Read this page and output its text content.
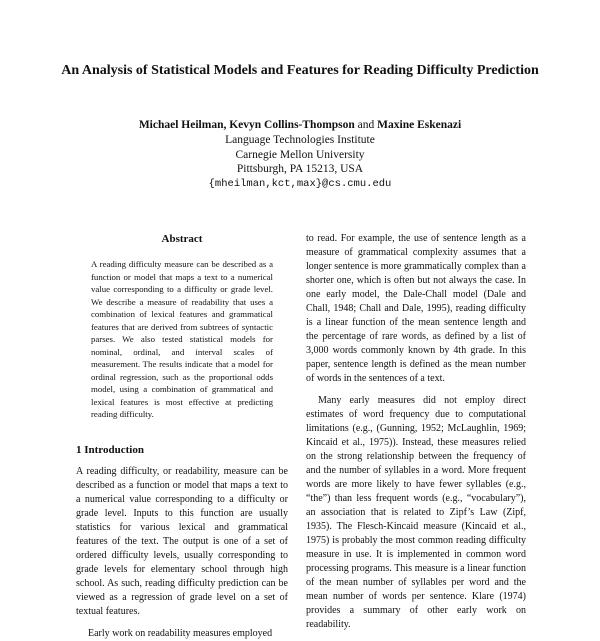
An Analysis of Statistical Models and Features for Reading Difficulty Prediction
Michael Heilman, Kevyn Collins-Thompson and Maxine Eskenazi
Language Technologies Institute
Carnegie Mellon University
Pittsburgh, PA 15213, USA
{mheilman,kct,max}@cs.cmu.edu
Abstract

A reading difficulty measure can be described as a function or model that maps a text to a numerical value corresponding to a difficulty or grade level. We describe a measure of readability that uses a combination of lexical features and grammatical features that are derived from subtrees of syntactic parses. We also tested statistical models for nominal, ordinal, and interval scales of measurement. The results indicate that a model for ordinal regression, such as the proportional odds model, using a combination of grammatical and lexical features is most effective at predicting reading difficulty.

1 Introduction

A reading difficulty, or readability, measure can be described as a function or model that maps a text to a numerical value corresponding to a difficulty or grade level. Inputs to this function are usually statistics for various lexical and grammatical features of the text. The output is one of a set of ordered difficulty levels, usually corresponding to grade levels for elementary school through high school. As such, reading difficulty prediction can be viewed as a regression of grade level on a set of textual features.

Early work on readability measures employed

to read. For example, the use of sentence length as a measure of grammatical complexity assumes that a longer sentence is more grammatically complex than a shorter one, which is often but not always the case. In one early model, the Dale-Chall model (Dale and Chall, 1948; Chall and Dale, 1995), reading difficulty is a linear function of the mean sentence length and the percentage of rare words, as defined by a list of 3,000 words commonly known by 4th grade. In this paper, sentence length is defined as the mean number of words in the sentences of a text.

Many early measures did not employ direct estimates of word frequency due to computational limitations (e.g., (Gunning, 1952; McLaughlin, 1969; Kincaid et al., 1975)). Instead, these measures relied on the strong relationship between the frequency of and the number of syllables in a word. More frequent words are more likely to have fewer syllables (e.g., “the”) than less frequent words (e.g., “vocabulary”), an association that is related to Zipf’s Law (Zipf, 1935). The Flesch-Kincaid measure (Kincaid et al., 1975) is probably the most common reading difficulty measure in use. It is implemented in common word processing programs. This measure is a linear function of the mean number of syllables per word and the mean number of words per sentence. Klare (1974) provides a summary of other early work on readability.
